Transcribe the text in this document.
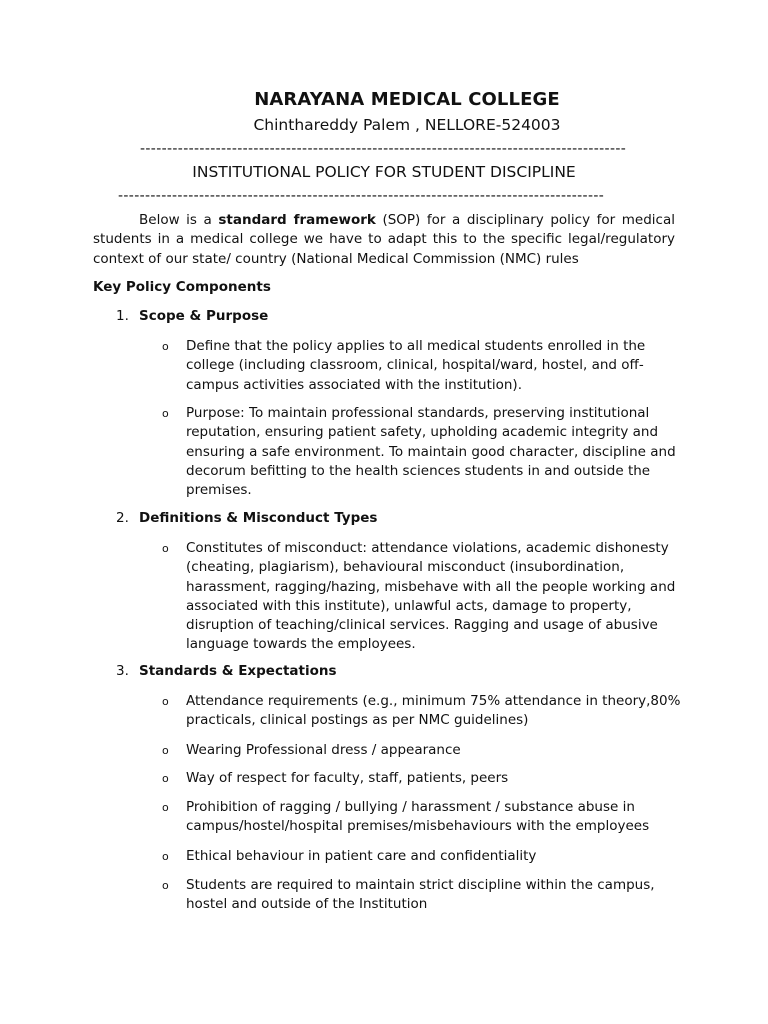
NARAYANA MEDICAL COLLEGE
Chinthareddy Palem , NELLORE-524003
------------------------------------------------------------------------------------------
INSTITUTIONAL POLICY FOR STUDENT DISCIPLINE
------------------------------------------------------------------------------------------
Below is a standard framework (SOP) for a disciplinary policy for medical
students in a medical college we have to adapt this to the specific legal/regulatory
context of our state/ country (National Medical Commission (NMC) rules
Key Policy Components
1. Scope & Purpose
o Define that the policy applies to all medical students enrolled in the
college (including classroom, clinical, hospital/ward, hostel, and off-
campus activities associated with the institution).
o Purpose: To maintain professional standards, preserving institutional
reputation, ensuring patient safety, upholding academic integrity and
ensuring a safe environment. To maintain good character, discipline and
decorum befitting to the health sciences students in and outside the
premises.
2. Definitions & Misconduct Types
o Constitutes of misconduct: attendance violations, academic dishonesty
(cheating, plagiarism), behavioural misconduct (insubordination,
harassment, ragging/hazing, misbehave with all the people working and
associated with this institute), unlawful acts, damage to property,
disruption of teaching/clinical services. Ragging and usage of abusive
language towards the employees.
3. Standards & Expectations
o Attendance requirements (e.g., minimum 75% attendance in theory,80%
practicals, clinical postings as per NMC guidelines)
o Wearing Professional dress / appearance
o Way of respect for faculty, staff, patients, peers
o Prohibition of ragging / bullying / harassment / substance abuse in
campus/hostel/hospital premises/misbehaviours with the employees
o Ethical behaviour in patient care and confidentiality
o Students are required to maintain strict discipline within the campus,
hostel and outside of the Institution
